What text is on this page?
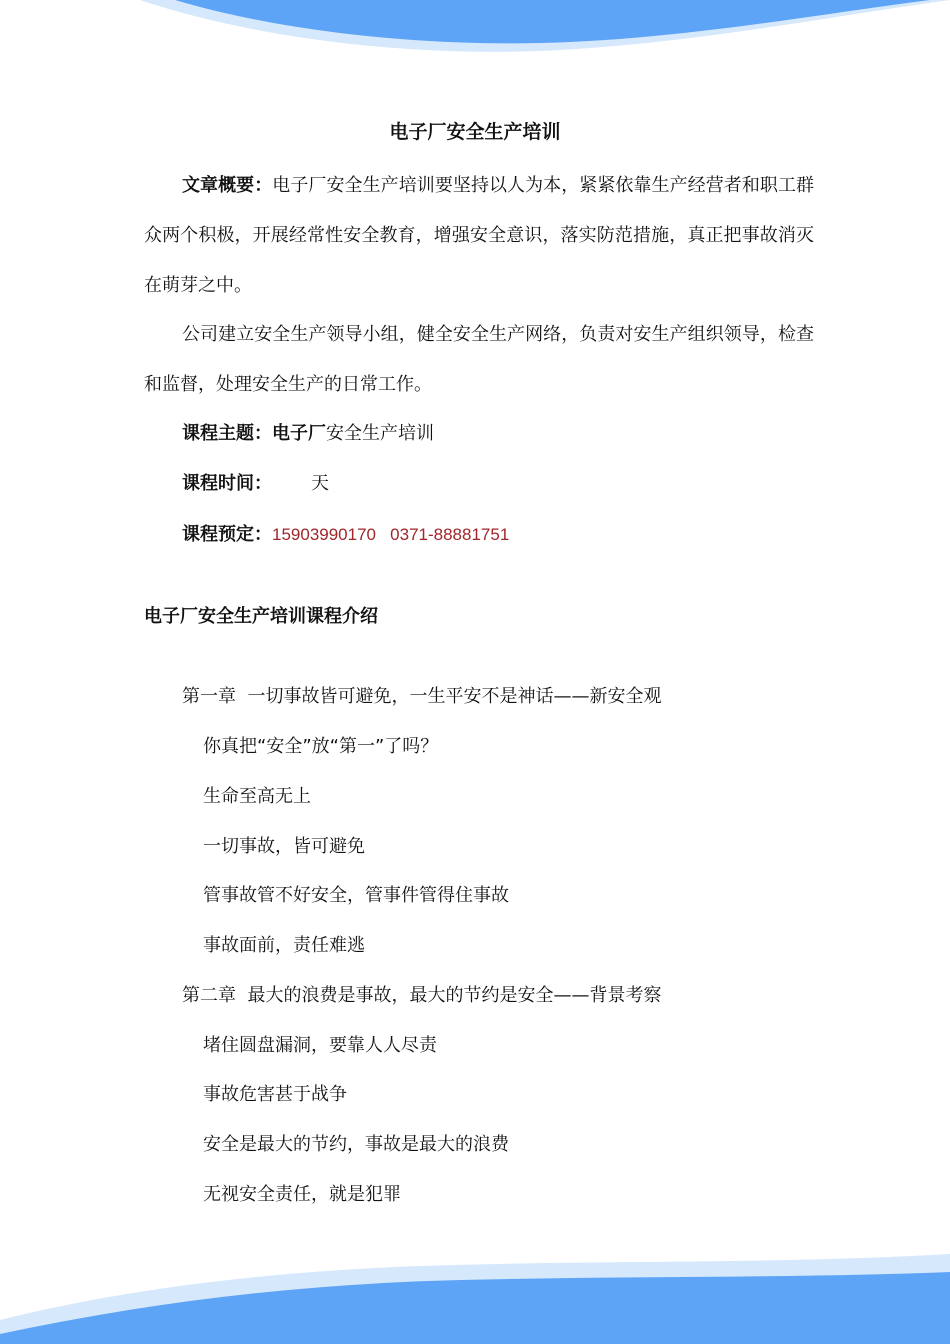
电子厂安全生产培训
文章概要：电子厂安全生产培训要坚持以人为本，紧紧依靠生产经营者和职工群众两个积极，开展经常性安全教育，增强安全意识，落实防范措施，真正把事故消灭在萌芽之中。
公司建立安全生产领导小组，健全安全生产网络，负责对安生产组织领导，检查和监督，处理安全生产的日常工作。
课程主题：电子厂安全生产培训
课程时间： 天
课程预定：15903990170   0371-88881751
电子厂安全生产培训课程介绍
第一章  一切事故皆可避免，一生平安不是神话——新安全观
你真把“安全”放“第一”了吗？
生命至高无上
一切事故，皆可避免
管事故管不好安全，管事件管得住事故
事故面前，责任难逃
第二章  最大的浪费是事故，最大的节约是安全——背景考察
堵住圆盘漏洞，要靠人人尽责
事故危害甚于战争
安全是最大的节约，事故是最大的浪费
无视安全责任，就是犯罪
